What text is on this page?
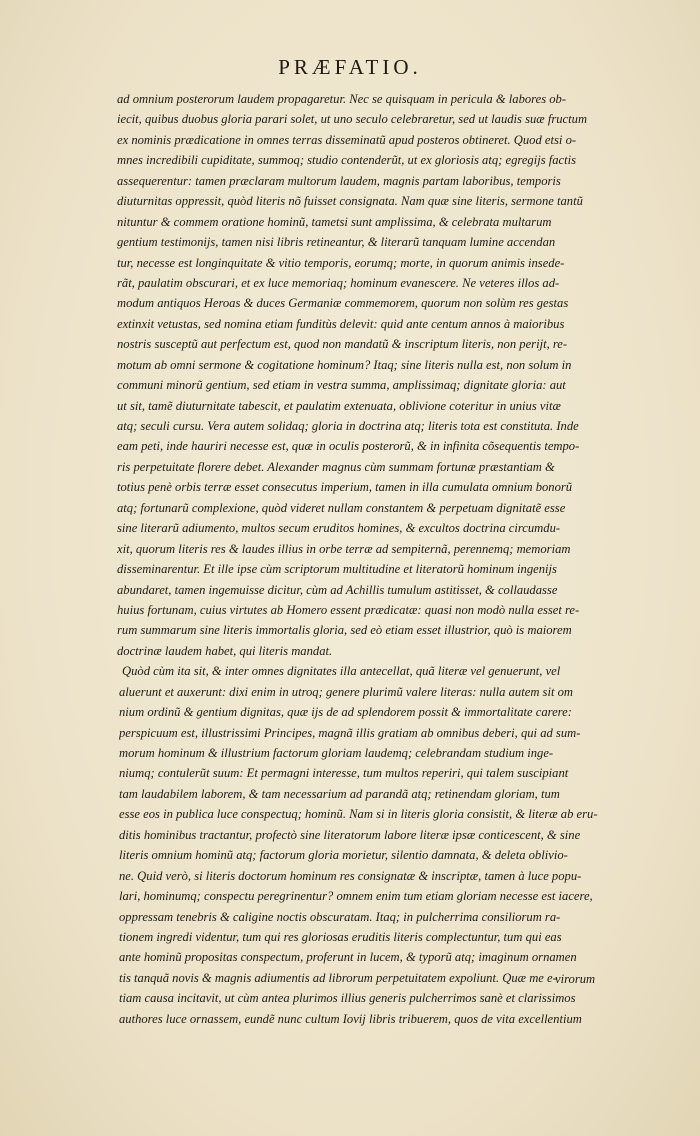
PRÆFATIO.
ad omnium posterorum laudem propagaretur. Nec se quisquam in pericula & labores ob-
iecit, quibus duobus gloria parari solet, ut uno seculo celebraretur, sed ut laudis suæ fructum
ex nominis prædicatione in omnes terras disseminatũ apud posteros obtineret. Quod etsi o-
mnes incredibili cupiditate, summoq; studio contenderũt, ut ex gloriosis atq; egregijs factis
assequerentur: tamen præclaram multorum laudem, magnis partam laboribus, temporis
diuturnitas oppressit, quòd literis nõ fuisset consignata. Nam quæ sine literis, sermone tantũ
nituntur & commem oratione hominũ, tametsi sunt amplissima, & celebrata multarum
gentium testimonijs, tamen nisi libris retineantur, & literarũ tanquam lumine accendan
tur, necesse est longinquitate & vitio temporis, eorumq; morte, in quorum animis insede-
rãt, paulatim obscurari, et ex luce memoriaq; hominum evanescere. Ne veteres illos ad-
modum antiquos Heroas & duces Germaniæ commemorem, quorum non solùm res gestas
extinxit vetustas, sed nomina etiam funditùs delevit: quid ante centum annos à maioribus
nostris susceptũ aut perfectum est, quod non mandatũ & inscriptum literis, non perijt, re-
motum ab omni sermone & cogitatione hominum? Itaq; sine literis nulla est, non solum in
communi minorũ gentium, sed etiam in vestra summa, amplissimaq; dignitate gloria: aut
ut sit, tamẽ diuturnitate tabescit, et paulatim extenuata, oblivione coteritur in unius vitæ
atq; seculi cursu. Vera autem solidaq; gloria in doctrina atq; literis tota est constituta. Inde
eam peti, inde hauriri necesse est, quæ in oculis posterorũ, & in infinita cõsequentis tempo-
ris perpetuitate florere debet. Alexander magnus cùm summam fortunæ præstantiam &
totius penè orbis terræ esset consecutus imperium, tamen in illa cumulata omnium bonorũ
atq; fortunarũ complexione, quòd videret nullam constantem & perpetuam dignitatẽ esse
sine literarũ adiumento, multos secum eruditos homines, & excultos doctrina circumdu-
xit, quorum literis res & laudes illius in orbe terræ ad sempiternã, perennemq; memoriam
disseminarentur. Et ille ipse cùm scriptorum multitudine et literatorũ hominum ingenijs
abundaret, tamen ingemuisse dicitur, cùm ad Achillis tumulum astitisset, & collaudasse
huius fortunam, cuius virtutes ab Homero essent prædicatæ: quasi non modò nulla esset re-
rum summarum sine literis immortalis gloria, sed eò etiam esset illustrior, quò is maiorem
doctrinæ laudem habet, qui literis mandat.
Quòd cùm ita sit, & inter omnes dignitates illa antecellat, quã literæ vel genuerunt, vel
aluerunt et auxerunt: dixi enim in utroq; genere plurimũ valere literas: nulla autem sit om
nium ordinũ & gentium dignitas, quæ ijs de ad splendorem possit & immortalitate carere:
perspicuum est, illustrissimi Principes, magnã illis gratiam ab omnibus deberi, qui ad sum-
morum hominum & illustrium factorum gloriam laudemq; celebrandam studium inge-
niumq; contulerũt suum: Et permagni interesse, tum multos reperiri, qui talem suscipiant
tam laudabilem laborem, & tam necessarium ad parandã atq; retinendam gloriam, tum
esse eos in publica luce conspectuq; hominũ. Nam si in literis gloria consistit, & literæ ab eru-
ditis hominibus tractantur, profectò sine literatorum labore literæ ipsæ conticescent, & sine
literis omnium hominũ atq; factorum gloria morietur, silentio damnata, & deleta oblivio-
ne. Quid verò, si literis doctorum hominum res consignatæ & inscriptæ, tamen à luce popu-
lari, hominumq; conspectu peregrinentur? omnem enim tum etiam gloriam necesse est iacere,
oppressam tenebris & caligine noctis obscuratam. Itaq; in pulcherrima consiliorum ra-
tionem ingredi videntur, tum qui res gloriosas eruditis literis complectuntur, tum qui eas
ante hominũ propositas conspectum, proferunt in lucem, & typorũ atq; imaginum ornamen
tis tanquã novis & magnis adiumentis ad librorum perpetuitatem expoliunt. Quæ me e-
tiam causa incitavit, ut cùm antea plurimos illius generis pulcherrimos sanè et clarissimos
authores luce ornassem, eundẽ nunc cultum Iovij libris tribuerem, quos de vita excellentium
virorum
